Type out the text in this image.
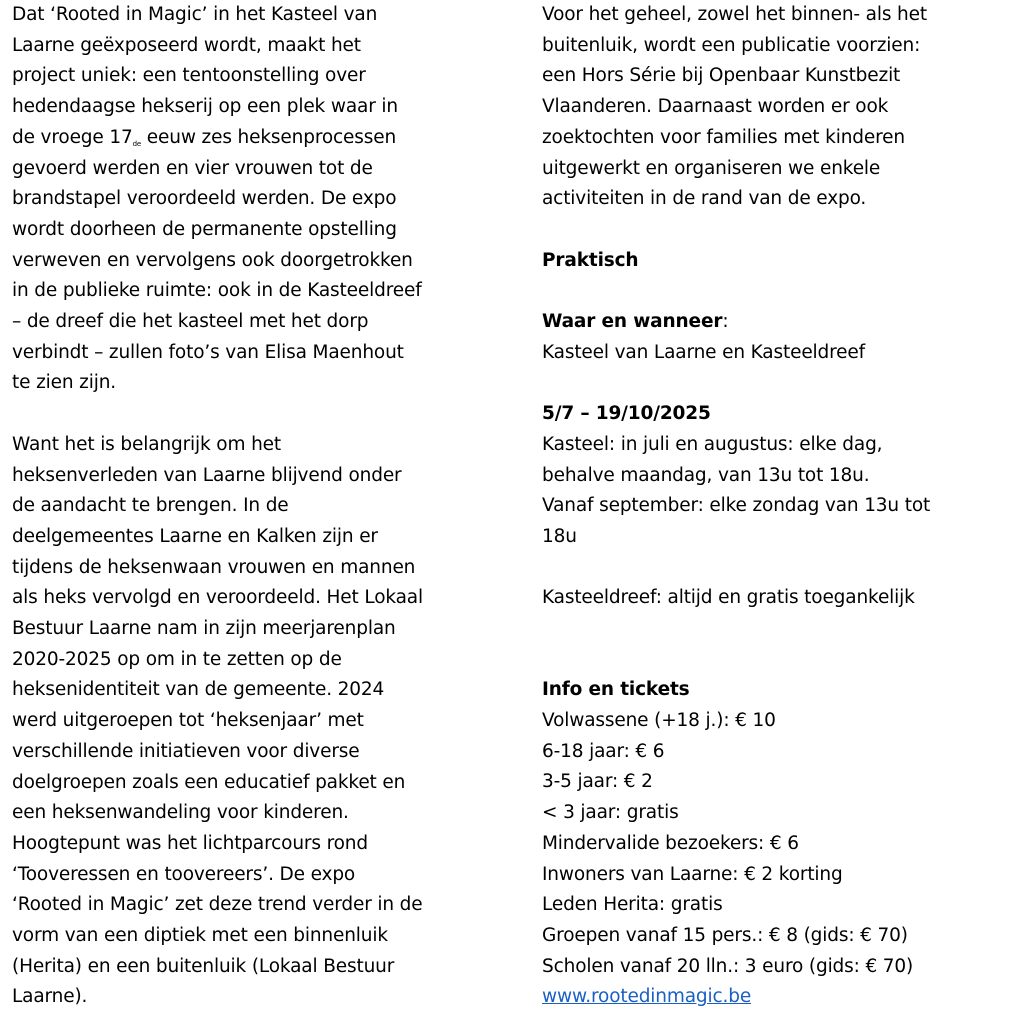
Dat ‘Rooted in Magic’ in het Kasteel van
Laarne geëxposeerd wordt, maakt het
project uniek: een tentoonstelling over
hedendaagse hekserij op een plek waar in
de vroege 17de eeuw zes heksenprocessen
gevoerd werden en vier vrouwen tot de
brandstapel veroordeeld werden. De expo
wordt doorheen de permanente opstelling
verweven en vervolgens ook doorgetrokken
in de publieke ruimte: ook in de Kasteeldreef
– de dreef die het kasteel met het dorp
verbindt – zullen foto’s van Elisa Maenhout
te zien zijn.
Want het is belangrijk om het
heksenverleden van Laarne blijvend onder
de aandacht te brengen. In de
deelgemeentes Laarne en Kalken zijn er
tijdens de heksenwaan vrouwen en mannen
als heks vervolgd en veroordeeld. Het Lokaal
Bestuur Laarne nam in zijn meerjarenplan
2020-2025 op om in te zetten op de
heksenidentiteit van de gemeente. 2024
werd uitgeroepen tot ‘heksenjaar’ met
verschillende initiatieven voor diverse
doelgroepen zoals een educatief pakket en
een heksenwandeling voor kinderen.
Hoogtepunt was het lichtparcours rond
‘Tooveressen en toovereers’. De expo
‘Rooted in Magic’ zet deze trend verder in de
vorm van een diptiek met een binnenluik
(Herita) en een buitenluik (Lokaal Bestuur
Laarne).

Voor het geheel, zowel het binnen- als het
buitenluik, wordt een publicatie voorzien:
een Hors Série bij Openbaar Kunstbezit
Vlaanderen. Daarnaast worden er ook
zoektochten voor families met kinderen
uitgewerkt en organiseren we enkele
activiteiten in de rand van de expo.
Praktisch
Waar en wanneer:
Kasteel van Laarne en Kasteeldreef
5/7 – 19/10/2025
Kasteel: in juli en augustus: elke dag,
behalve maandag, van 13u tot 18u.
Vanaf september: elke zondag van 13u tot
18u
Kasteeldreef: altijd en gratis toegankelijk
Info en tickets
Volwassene (+18 j.): € 10
6-18 jaar: € 6
3-5 jaar: € 2
< 3 jaar: gratis
Mindervalide bezoekers: € 6
Inwoners van Laarne: € 2 korting
Leden Herita: gratis
Groepen vanaf 15 pers.: € 8 (gids: € 70)
Scholen vanaf 20 lln.: 3 euro (gids: € 70)
www.rootedinmagic.be
